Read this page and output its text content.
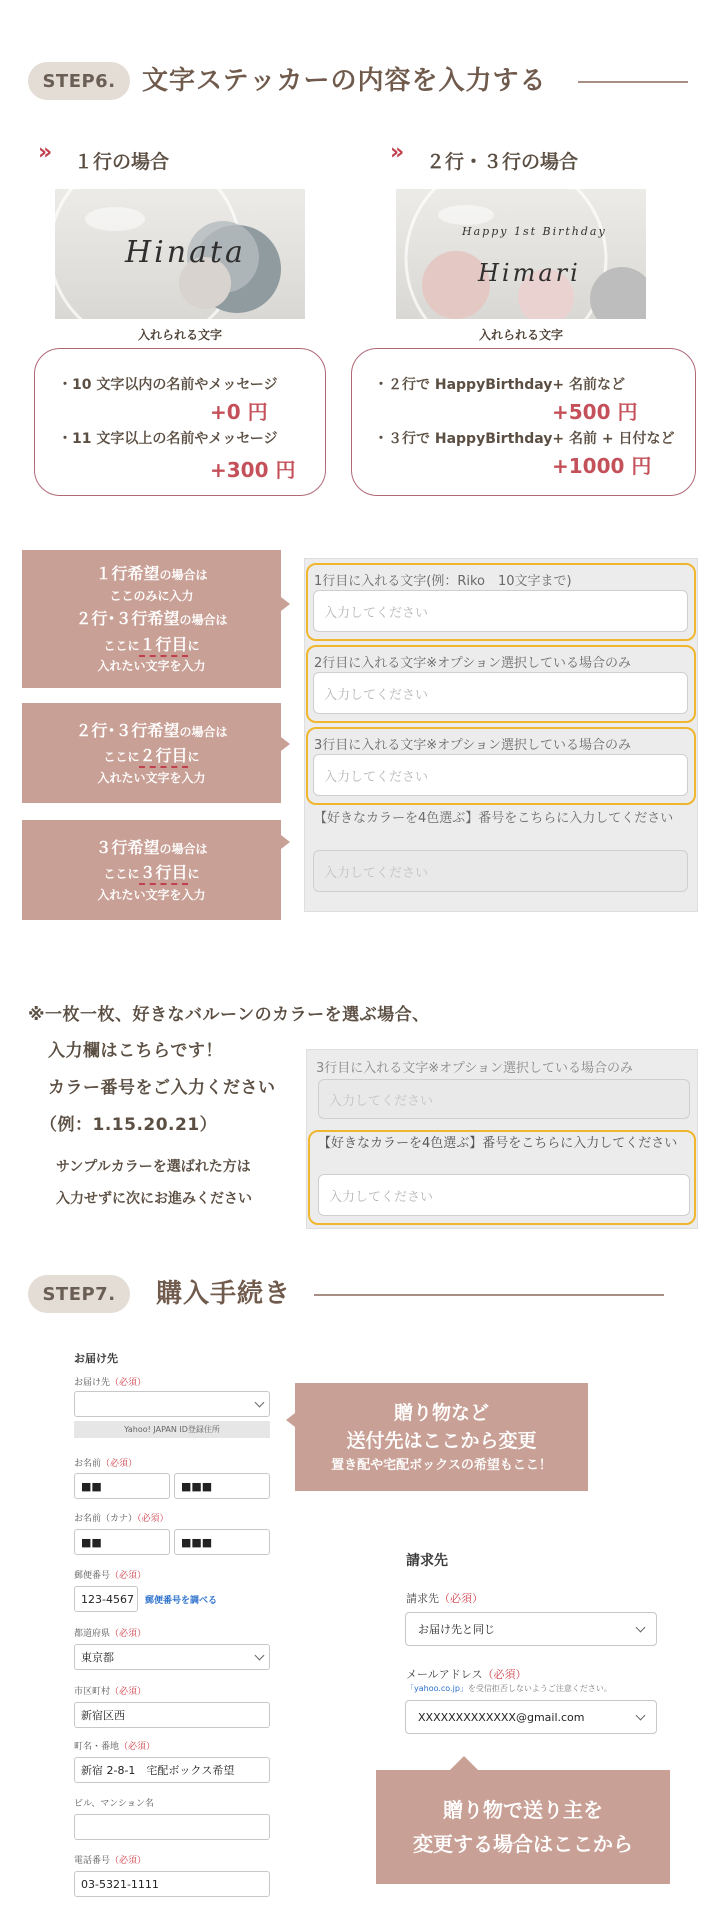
STEP6.	文字ステッカーの内容を入力する
» １行の場合
Hinata
入れられる文字
・10 文字以内の名前やメッセージ
+0 円
・11 文字以上の名前やメッセージ
+300 円
» ２行・３行の場合
Happy 1st Birthday
Himari
入れられる文字
・２行で HappyBirthday+ 名前など
+500 円
・３行で HappyBirthday+ 名前 + 日付など
+1000 円
１行希望の場合は
ここのみに入力
２行･３行希望の場合は
ここに１行目に
入れたい文字を入力
２行･３行希望の場合は
ここに２行目に
入れたい文字を入力
３行希望の場合は
ここに３行目に
入れたい文字を入力
1行目に入れる文字(例：Riko　10文字まで)
入力してください
2行目に入れる文字※オプション選択している場合のみ
入力してください
3行目に入れる文字※オプション選択している場合のみ
入力してください
【好きなカラーを4色選ぶ】番号をこちらに入力してください
入力してください
※一枚一枚、好きなバルーンのカラーを選ぶ場合、
入力欄はこちらです！
カラー番号をご入力ください
（例：1.15.20.21）
サンプルカラーを選ばれた方は
入力せずに次にお進みください
3行目に入れる文字※オプション選択している場合のみ
入力してください
【好きなカラーを4色選ぶ】番号をこちらに入力してください
入力してください
STEP7.	購入手続き
お届け先
お届け先（必須）
Yahoo! JAPAN ID登録住所
お名前（必須）
■■	■■■
お名前（カナ）（必須）
■■	■■■
郵便番号（必須）
123-4567	郵便番号を調べる
都道府県（必須）
東京都
市区町村（必須）
新宿区西
町名・番地（必須）
新宿 2-8-1　宅配ボックス希望
ビル、マンション名
電話番号（必須）
03-5321-1111
贈り物など
送付先はここから変更
置き配や宅配ボックスの希望もここ！
請求先
請求先（必須）
お届け先と同じ
メールアドレス（必須）
「yahoo.co.jp」を受信拒否しないようご注意ください。
XXXXXXXXXXXXX@gmail.com
贈り物で送り主を
変更する場合はここから
